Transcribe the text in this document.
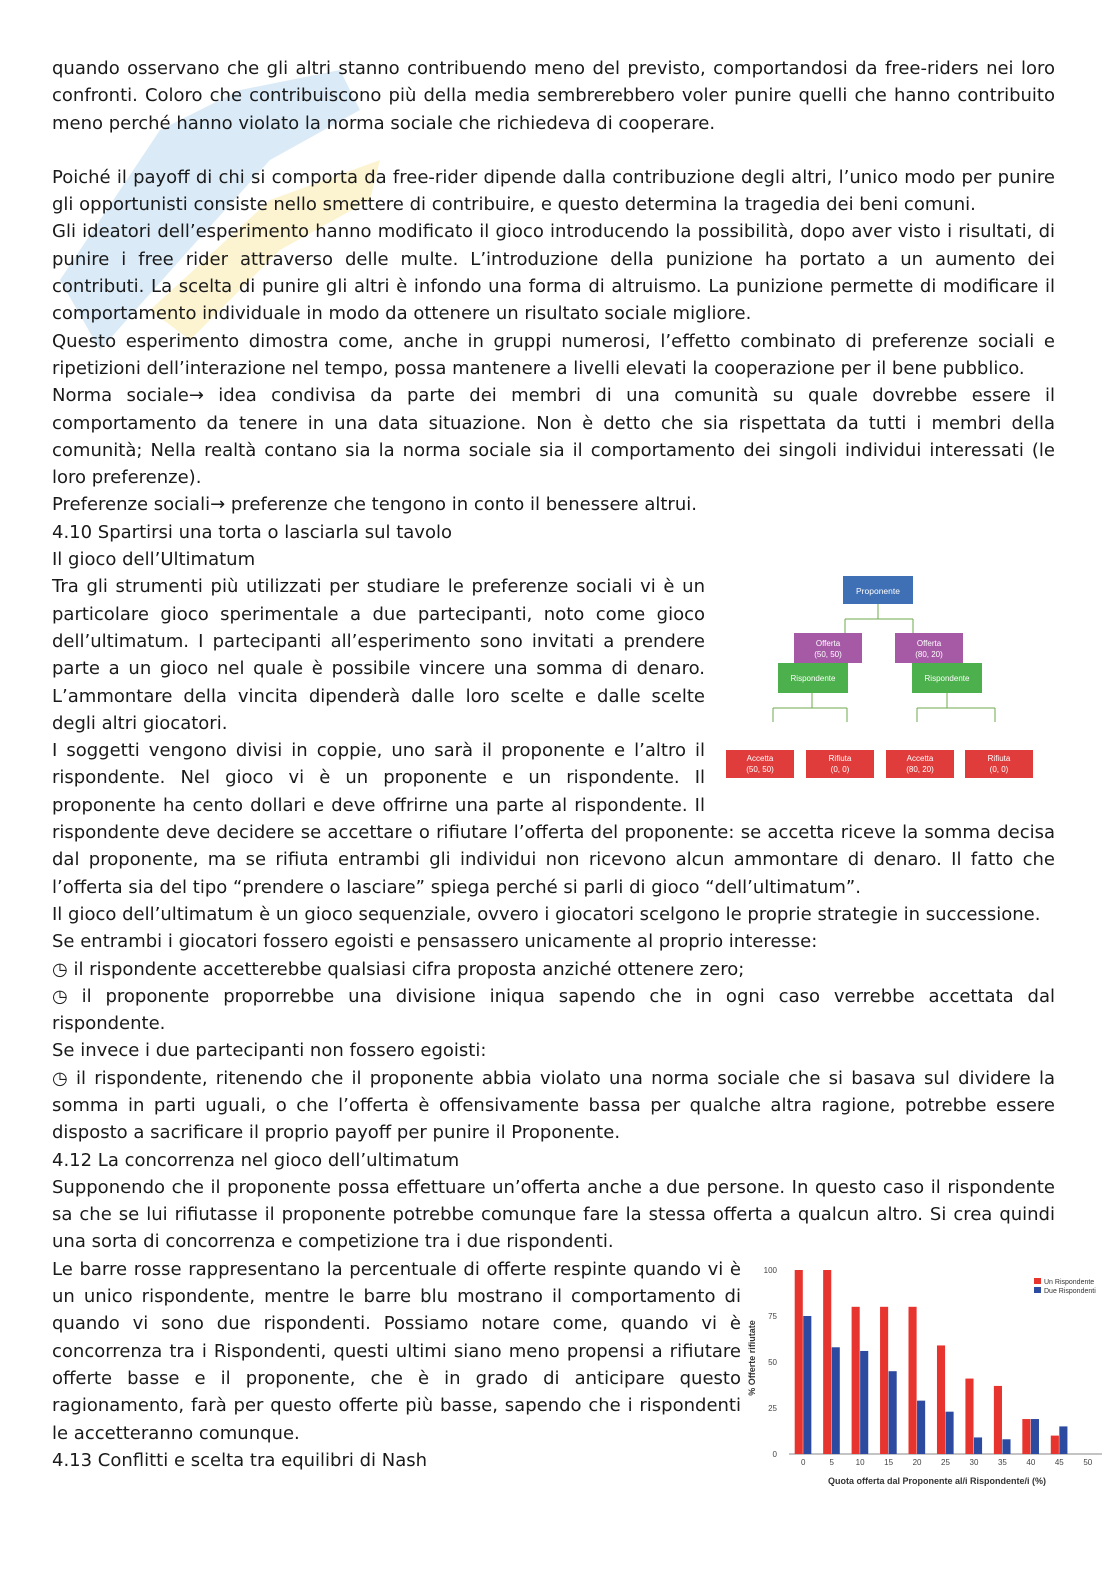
quando osservano che gli altri stanno contribuendo meno del previsto, comportandosi da free-riders nei loro confronti. Coloro che contribuiscono più della media sembrerebbero voler punire quelli che hanno contribuito meno perché hanno violato la norma sociale che richiedeva di cooperare.

Poiché il payoff di chi si comporta da free-rider dipende dalla contribuzione degli altri, l’unico modo per punire gli opportunisti consiste nello smettere di contribuire, e questo determina la tragedia dei beni comuni.

Gli ideatori dell’esperimento hanno modificato il gioco introducendo la possibilità, dopo aver visto i risultati, di punire i free rider attraverso delle multe. L’introduzione della punizione ha portato a un aumento dei contributi. La scelta di punire gli altri è infondo una forma di altruismo. La punizione permette di modificare il comportamento individuale in modo da ottenere un risultato sociale migliore.

Questo esperimento dimostra come, anche in gruppi numerosi, l’effetto combinato di preferenze sociali e ripetizioni dell’interazione nel tempo, possa mantenere a livelli elevati la cooperazione per il bene pubblico.

Norma sociale→ idea condivisa da parte dei membri di una comunità su quale dovrebbe essere il comportamento da tenere in una data situazione. Non è detto che sia rispettata da tutti i membri della comunità; Nella realtà contano sia la norma sociale sia il comportamento dei singoli individui interessati (le loro preferenze).

Preferenze sociali→ preferenze che tengono in conto il benessere altrui.

4.10 Spartirsi una torta o lasciarla sul tavolo

Il gioco dell’Ultimatum

Proponente
Offerta
(50, 50)
Offerta
(80, 20)
Rispondente	Rispondente
Accetta
(50, 50)
Rifiuta
(0, 0)
Accetta
(80, 20)
Rifiuta
(0, 0)

Tra gli strumenti più utilizzati per studiare le preferenze sociali vi è un particolare gioco sperimentale a due partecipanti, noto come gioco dell’ultimatum. I partecipanti all’esperimento sono invitati a prendere parte a un gioco nel quale è possibile vincere una somma di denaro. L’ammontare della vincita dipenderà dalle loro scelte e dalle scelte degli altri giocatori.

I soggetti vengono divisi in coppie, uno sarà il proponente e l’altro il rispondente. Nel gioco vi è un proponente e un rispondente. Il proponente ha cento dollari e deve offrirne una parte al rispondente. Il rispondente deve decidere se accettare o rifiutare l’offerta del proponente: se accetta riceve la somma decisa dal proponente, ma se rifiuta entrambi gli individui non ricevono alcun ammontare di denaro. Il fatto che l’offerta sia del tipo “prendere o lasciare” spiega perché si parli di gioco “dell’ultimatum”.

Il gioco dell’ultimatum è un gioco sequenziale, ovvero i giocatori scelgono le proprie strategie in successione.

Se entrambi i giocatori fossero egoisti e pensassero unicamente al proprio interesse:

◷ il rispondente accetterebbe qualsiasi cifra proposta anziché ottenere zero;

◷ il proponente proporrebbe una divisione iniqua sapendo che in ogni caso verrebbe accettata dal rispondente.

Se invece i due partecipanti non fossero egoisti:

◷ il rispondente, ritenendo che il proponente abbia violato una norma sociale che si basava sul dividere la somma in parti uguali, o che l’offerta è offensivamente bassa per qualche altra ragione, potrebbe essere disposto a sacrificare il proprio payoff per punire il Proponente.

4.12 La concorrenza nel gioco dell’ultimatum

Supponendo che il proponente possa effettuare un’offerta anche a due persone. In questo caso il rispondente sa che se lui rifiutasse il proponente potrebbe comunque fare la stessa offerta a qualcun altro. Si crea quindi una sorta di concorrenza e competizione tra i due rispondenti.

% Offerte rifiutate
Quota offerta dal Proponente al/i Rispondente/i (%)
0
25
50
75
100
0	5	10 15 20 25 30 35 40 45 50
Un Rispondente
Due Rispondenti

Le barre rosse rappresentano la percentuale di offerte respinte quando vi è un unico rispondente, mentre le barre blu mostrano il comportamento di quando vi sono due rispondenti. Possiamo notare come, quando vi è concorrenza tra i Rispondenti, questi ultimi siano meno propensi a rifiutare offerte basse e il proponente, che è in grado di anticipare questo ragionamento, farà per questo offerte più basse, sapendo che i rispondenti le accetteranno comunque.

4.13 Conflitti e scelta tra equilibri di Nash
